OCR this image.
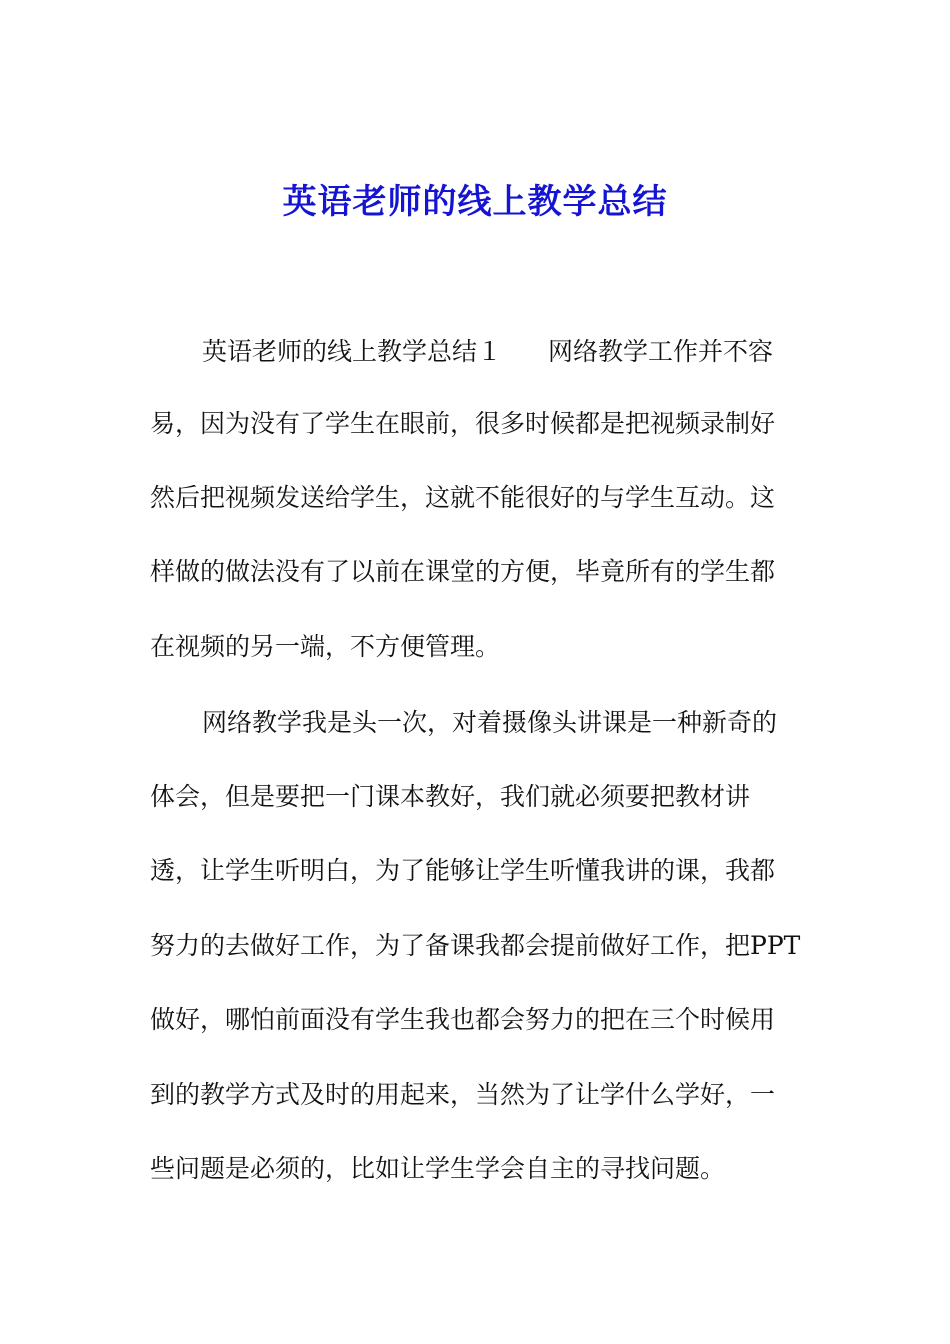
英语老师的线上教学总结
英语老师的线上教学总结１ 网络教学工作并不容
易，因为没有了学生在眼前，很多时候都是把视频录制好
然后把视频发送给学生，这就不能很好的与学生互动。这
样做的做法没有了以前在课堂的方便，毕竟所有的学生都
在视频的另一端，不方便管理。
网络教学我是头一次，对着摄像头讲课是一种新奇的
体会，但是要把一门课本教好，我们就必须要把教材讲
透，让学生听明白，为了能够让学生听懂我讲的课，我都
努力的去做好工作，为了备课我都会提前做好工作，把PPT
做好，哪怕前面没有学生我也都会努力的把在三个时候用
到的教学方式及时的用起来，当然为了让学什么学好，一
些问题是必须的，比如让学生学会自主的寻找问题。
